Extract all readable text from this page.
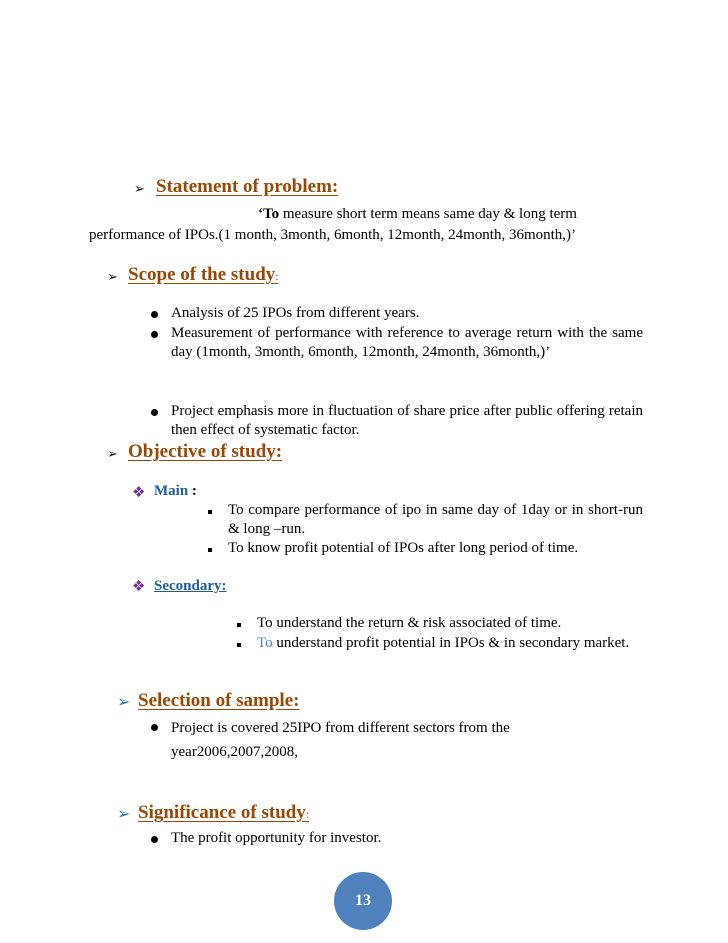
➢ Statement of problem:
‘To measure short term means same day & long term
performance of IPOs.(1 month, 3month, 6month, 12month, 24month, 36month,)’
➢ Scope of the study:
Analysis of 25 IPOs from different years.
Measurement of performance with reference to average return with the same day (1month, 3month, 6month, 12month, 24month, 36month,)’
Project emphasis more in fluctuation of share price after public offering retain then effect of systematic factor.
➢ Objective of study:
❖ Main :
To compare performance of ipo in same day of 1day or in short-run & long –run.
To know profit potential of IPOs after long period of time.
❖ Secondary:
To understand the return & risk associated of time.
To understand profit potential in IPOs & in secondary market.
➢ Selection of sample:
Project is covered 25IPO from different sectors from the year2006,2007,2008,
➢ Significance of study:
The profit opportunity for investor.
13
